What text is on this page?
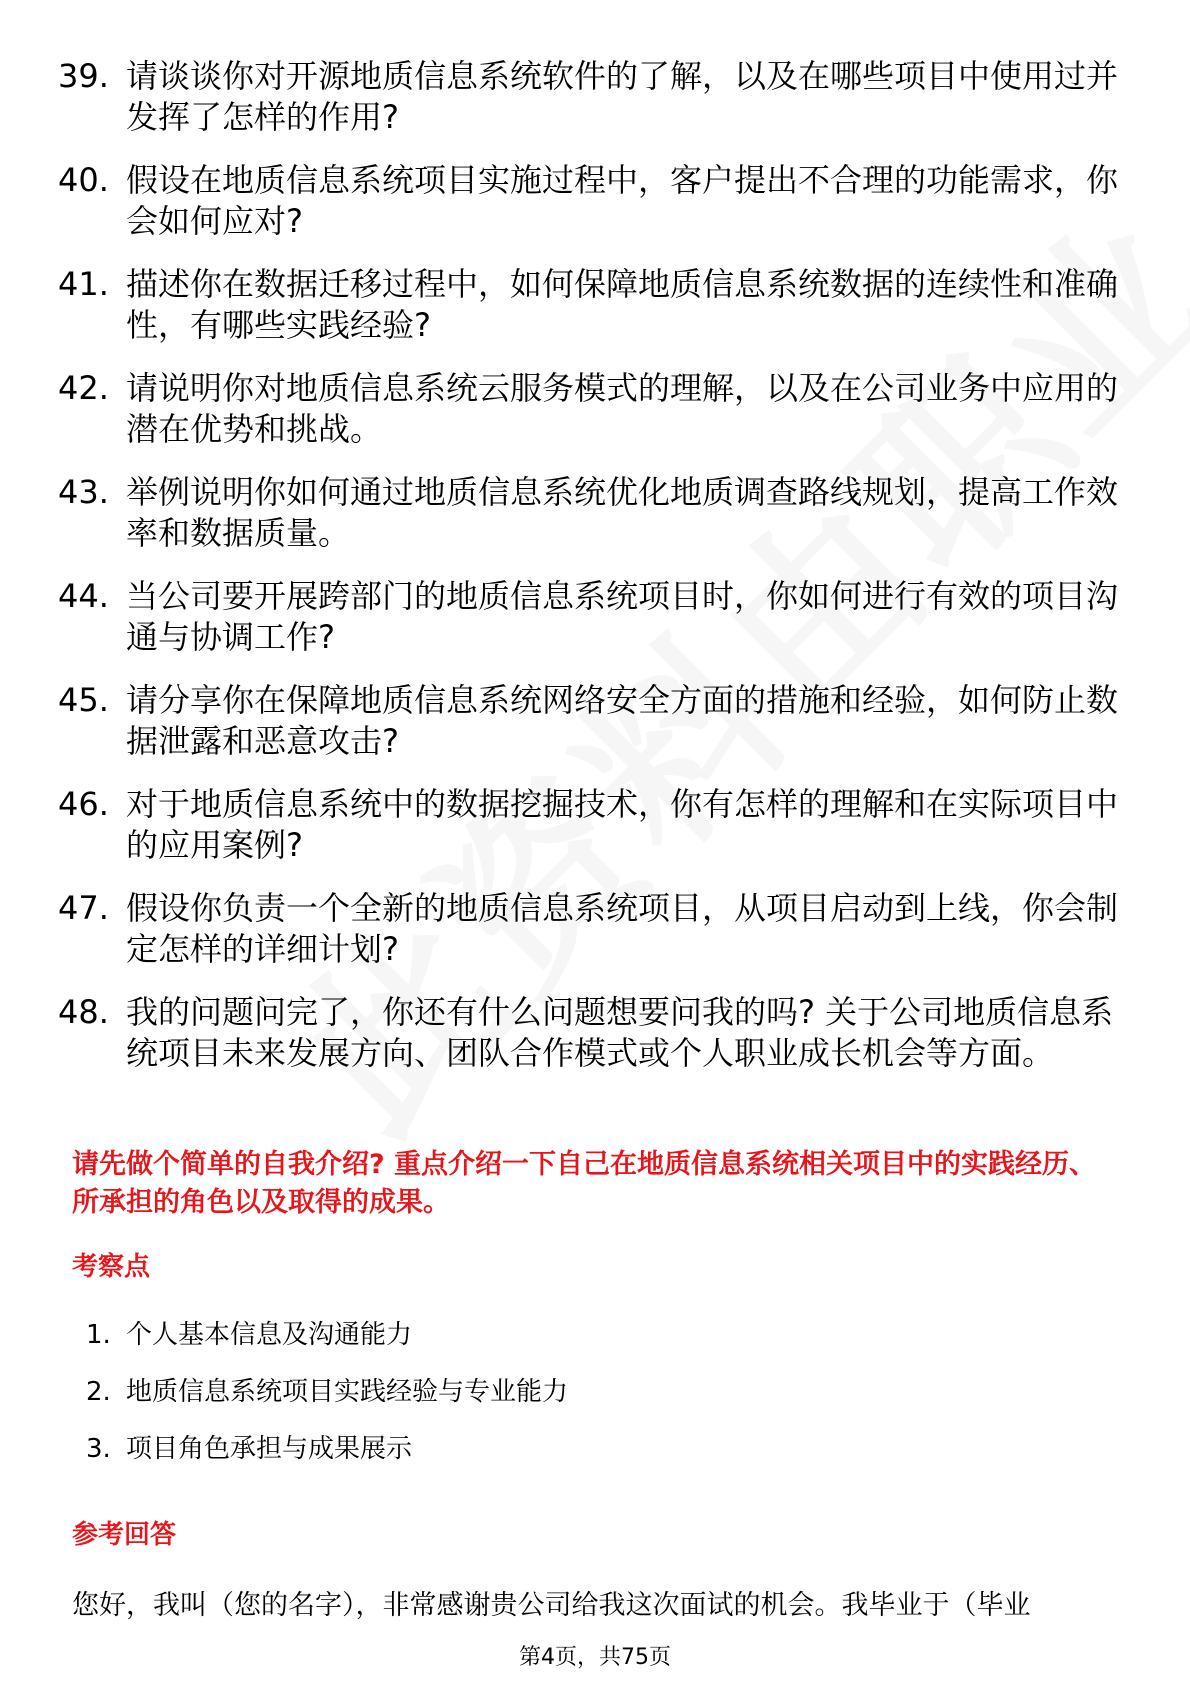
39. 请谈谈你对开源地质信息系统软件的了解，以及在哪些项目中使用过并发挥了怎样的作用?
40. 假设在地质信息系统项目实施过程中，客户提出不合理的功能需求，你会如何应对?
41. 描述你在数据迁移过程中，如何保障地质信息系统数据的连续性和准确性，有哪些实践经验?
42. 请说明你对地质信息系统云服务模式的理解，以及在公司业务中应用的潜在优势和挑战。
43. 举例说明你如何通过地质信息系统优化地质调查路线规划，提高工作效率和数据质量。
44. 当公司要开展跨部门的地质信息系统项目时，你如何进行有效的项目沟通与协调工作?
45. 请分享你在保障地质信息系统网络安全方面的措施和经验，如何防止数据泄露和恶意攻击?
46. 对于地质信息系统中的数据挖掘技术，你有怎样的理解和在实际项目中的应用案例?
47. 假设你负责一个全新的地质信息系统项目，从项目启动到上线，你会制定怎样的详细计划?
48. 我的问题问完了，你还有什么问题想要问我的吗? 关于公司地质信息系统项目未来发展方向、团队合作模式或个人职业成长机会等方面。
请先做个简单的自我介绍? 重点介绍一下自己在地质信息系统相关项目中的实践经历、所承担的角色以及取得的成果。
考察点
1. 个人基本信息及沟通能力
2. 地质信息系统项目实践经验与专业能力
3. 项目角色承担与成果展示
参考回答
您好，我叫（您的名字），非常感谢贵公司给我这次面试的机会。我毕业于（毕业
第4页，共75页
